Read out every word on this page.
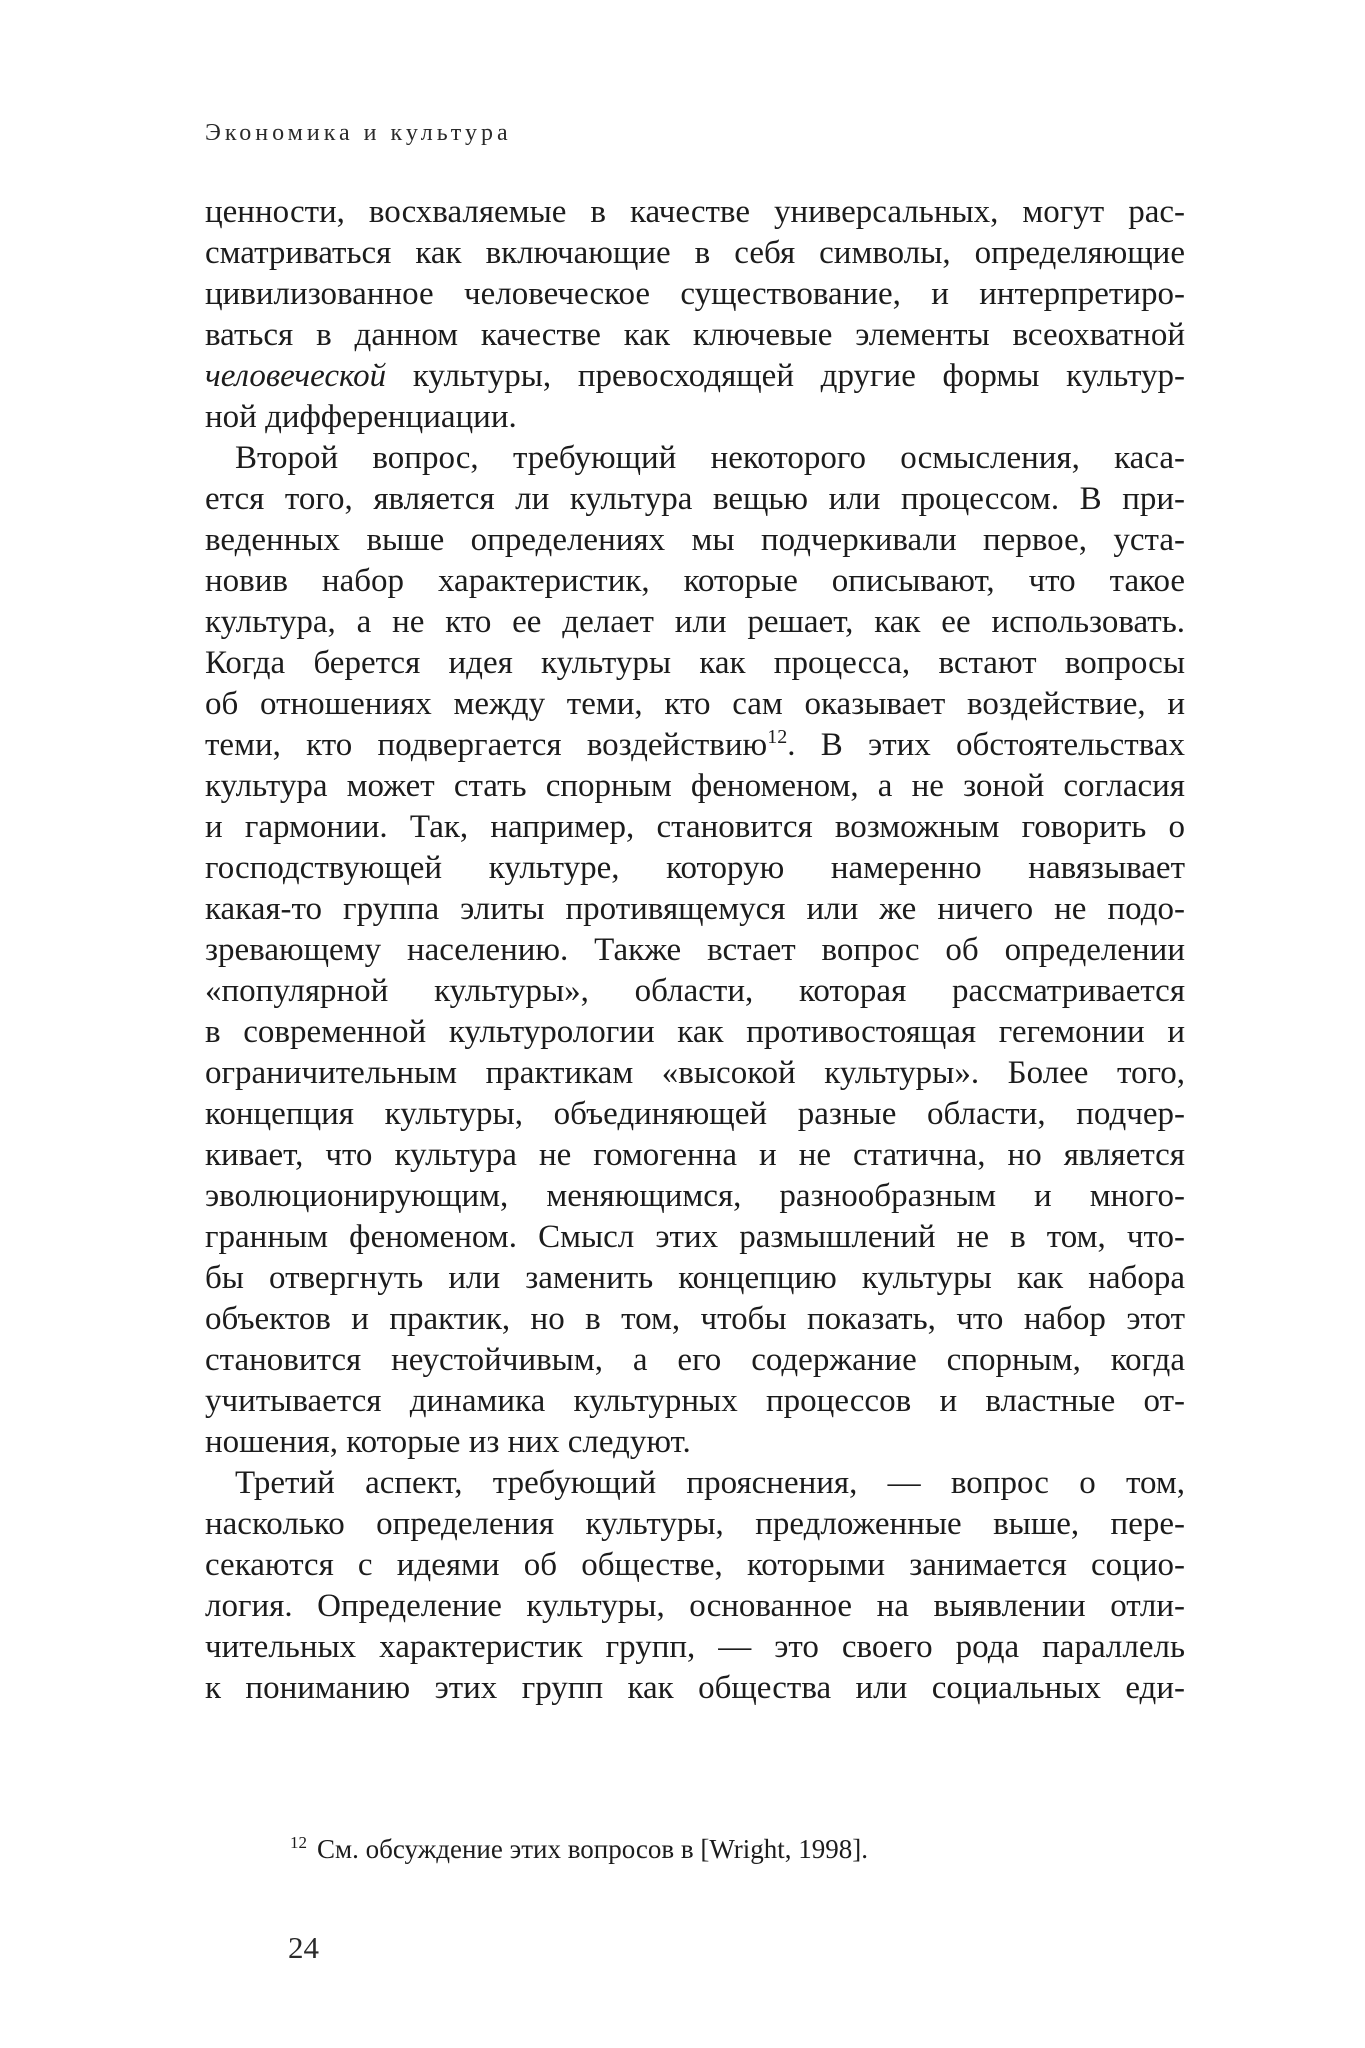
Экономика и культура
ценности, восхваляемые в качестве универсальных, могут рас-
сматриваться как включающие в себя символы, определяющие
цивилизованное человеческое существование, и интерпретиро-
ваться в данном качестве как ключевые элементы всеохватной
человеческой культуры, превосходящей другие формы культур-
ной дифференциации.
Второй вопрос, требующий некоторого осмысления, каса-
ется того, является ли культура вещью или процессом. В при-
веденных выше определениях мы подчеркивали первое, уста-
новив набор характеристик, которые описывают, что такое
культура, а не кто ее делает или решает, как ее использовать.
Когда берется идея культуры как процесса, встают вопросы
об отношениях между теми, кто сам оказывает воздействие, и
теми, кто подвергается воздействию$^{12}$. В этих обстоятельствах
культура может стать спорным феноменом, а не зоной согласия
и гармонии. Так, например, становится возможным говорить о
господствующей культуре, которую намеренно навязывает
какая-то группа элиты противящемуся или же ничего не подо-
зревающему населению. Также встает вопрос об определении
«популярной культуры», области, которая рассматривается
в современной культурологии как противостоящая гегемонии и
ограничительным практикам «высокой культуры». Более того,
концепция культуры, объединяющей разные области, подчер-
кивает, что культура не гомогенна и не статична, но является
эволюционирующим, меняющимся, разнообразным и много-
гранным феноменом. Смысл этих размышлений не в том, что-
бы отвергнуть или заменить концепцию культуры как набора
объектов и практик, но в том, чтобы показать, что набор этот
становится неустойчивым, а его содержание спорным, когда
учитывается динамика культурных процессов и властные от-
ношения, которые из них следуют.
Третий аспект, требующий прояснения, — вопрос о том,
насколько определения культуры, предложенные выше, пере-
секаются с идеями об обществе, которыми занимается социо-
логия. Определение культуры, основанное на выявлении отли-
чительных характеристик групп, — это своего рода параллель
к пониманию этих групп как общества или социальных еди-
$^{12}$ См. обсуждение этих вопросов в [Wright, 1998].
24
